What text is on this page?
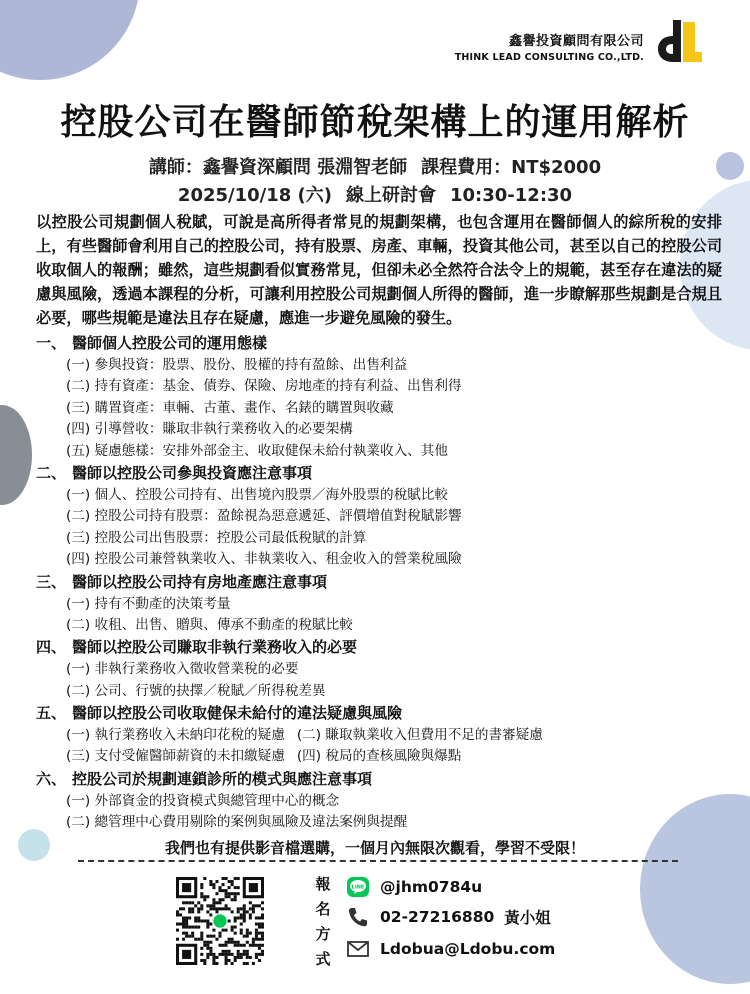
鑫譽投資顧問有限公司
THINK LEAD CONSULTING CO.,LTD.
控股公司在醫師節稅架構上的運用解析
講師：鑫譽資深顧問 張淵智老師 課程費用：NT$2000
2025/10/18 (六) 線上研討會 10:30-12:30
以控股公司規劃個人稅賦，可說是高所得者常見的規劃架構，也包含運用在醫師個人的綜所稅的安排上，有些醫師會利用自己的控股公司，持有股票、房產、車輛，投資其他公司，甚至以自己的控股公司收取個人的報酬；雖然，這些規劃看似實務常見，但卻未必全然符合法令上的規範，甚至存在違法的疑慮與風險，透過本課程的分析，可讓利用控股公司規劃個人所得的醫師，進一步瞭解那些規劃是合規且必要，哪些規範是違法且存在疑慮，應進一步避免風險的發生。
一、 醫師個人控股公司的運用態樣
(一) 參與投資：股票、股份、股權的持有盈餘、出售利益
(二) 持有資產：基金、債券、保險、房地產的持有利益、出售利得
(三) 購置資產：車輛、古董、畫作、名錶的購置與收藏
(四) 引導營收：賺取非執行業務收入的必要架構
(五) 疑慮態樣：安排外部金主、收取健保未給付執業收入、其他
二、 醫師以控股公司參與投資應注意事項
(一) 個人、控股公司持有、出售境內股票／海外股票的稅賦比較
(二) 控股公司持有股票：盈餘視為惡意遞延、評價增值對稅賦影響
(三) 控股公司出售股票：控股公司最低稅賦的計算
(四) 控股公司兼營執業收入、非執業收入、租金收入的營業稅風險
三、 醫師以控股公司持有房地產應注意事項
(一) 持有不動產的決策考量
(二) 收租、出售、贈與、傳承不動產的稅賦比較
四、 醫師以控股公司賺取非執行業務收入的必要
(一) 非執行業務收入徵收營業稅的必要
(二) 公司、行號的抉擇／稅賦／所得稅差異
五、 醫師以控股公司收取健保未給付的違法疑慮與風險
(一) 執行業務收入未納印花稅的疑慮 (二) 賺取執業收入但費用不足的書審疑慮
(三) 支付受僱醫師薪資的未扣繳疑慮 (四) 稅局的查核風險與爆點
六、 控股公司於規劃連鎖診所的模式與應注意事項
(一) 外部資金的投資模式與總管理中心的概念
(二) 總管理中心費用剔除的案例與風險及違法案例與提醒
我們也有提供影音檔選購，一個月內無限次觀看，學習不受限！
報
名
方
式
LINE @jhm0784u
02-27216880 黃小姐
Ldobua@Ldobu.com
